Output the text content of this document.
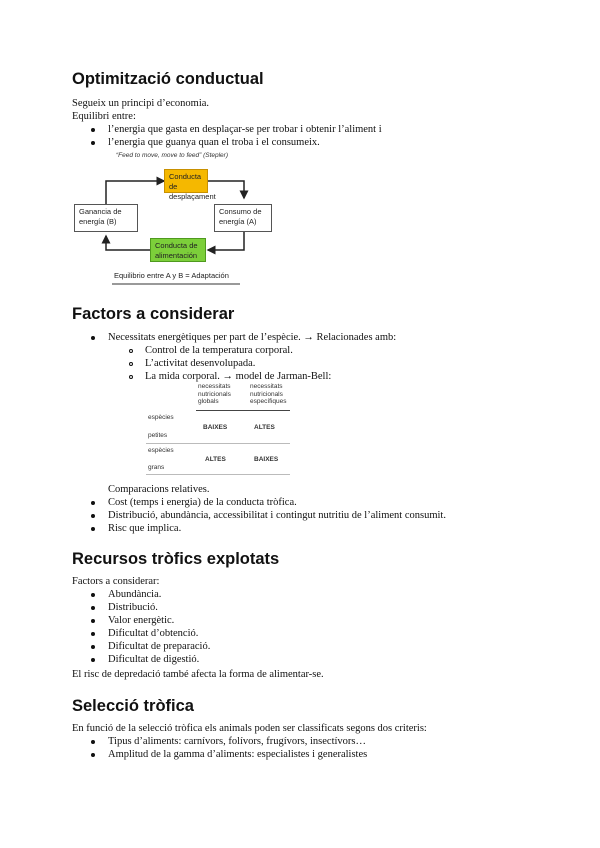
Optimització conductual
Segueix un principi d’economia.
Equilibri entre:
l’energia que gasta en desplaçar-se per trobar i obtenir l’aliment i
l’energia que guanya quan el troba i el consumeix.
“Feed to move, move to feed” (Stepler)
Conducta de desplaçament
Ganancia de energía (B)
Consumo de energía (A)
Conducta de alimentación
Equilibrio entre A y B = Adaptación
Factors a considerar
Necessitats energètiques per part de l’espècie. → Relacionades amb:
Control de la temperatura corporal.
L’activitat desenvolupada.
La mida corporal. → model de Jarman-Bell:
necessitats nutricionals globals
necessitats nutricionals específiques
espècies
BAIXES	ALTES
petites
espècies
ALTES	BAIXES
grans
Comparacions relatives.
Cost (temps i energia) de la conducta tròfica.
Distribució, abundància, accessibilitat i contingut nutritiu de l’aliment consumit.
Risc que implica.
Recursos tròfics explotats
Factors a considerar:
Abundància.
Distribució.
Valor energètic.
Dificultat d’obtenció.
Dificultat de preparació.
Dificultat de digestió.
El risc de depredació també afecta la forma de alimentar-se.
Selecció tròfica
En funció de la selecció tròfica els animals poden ser classificats segons dos criteris:
Tipus d’aliments: carnívors, folívors, frugívors, insectívors…
Amplitud de la gamma d’aliments: especialistes i generalistes
